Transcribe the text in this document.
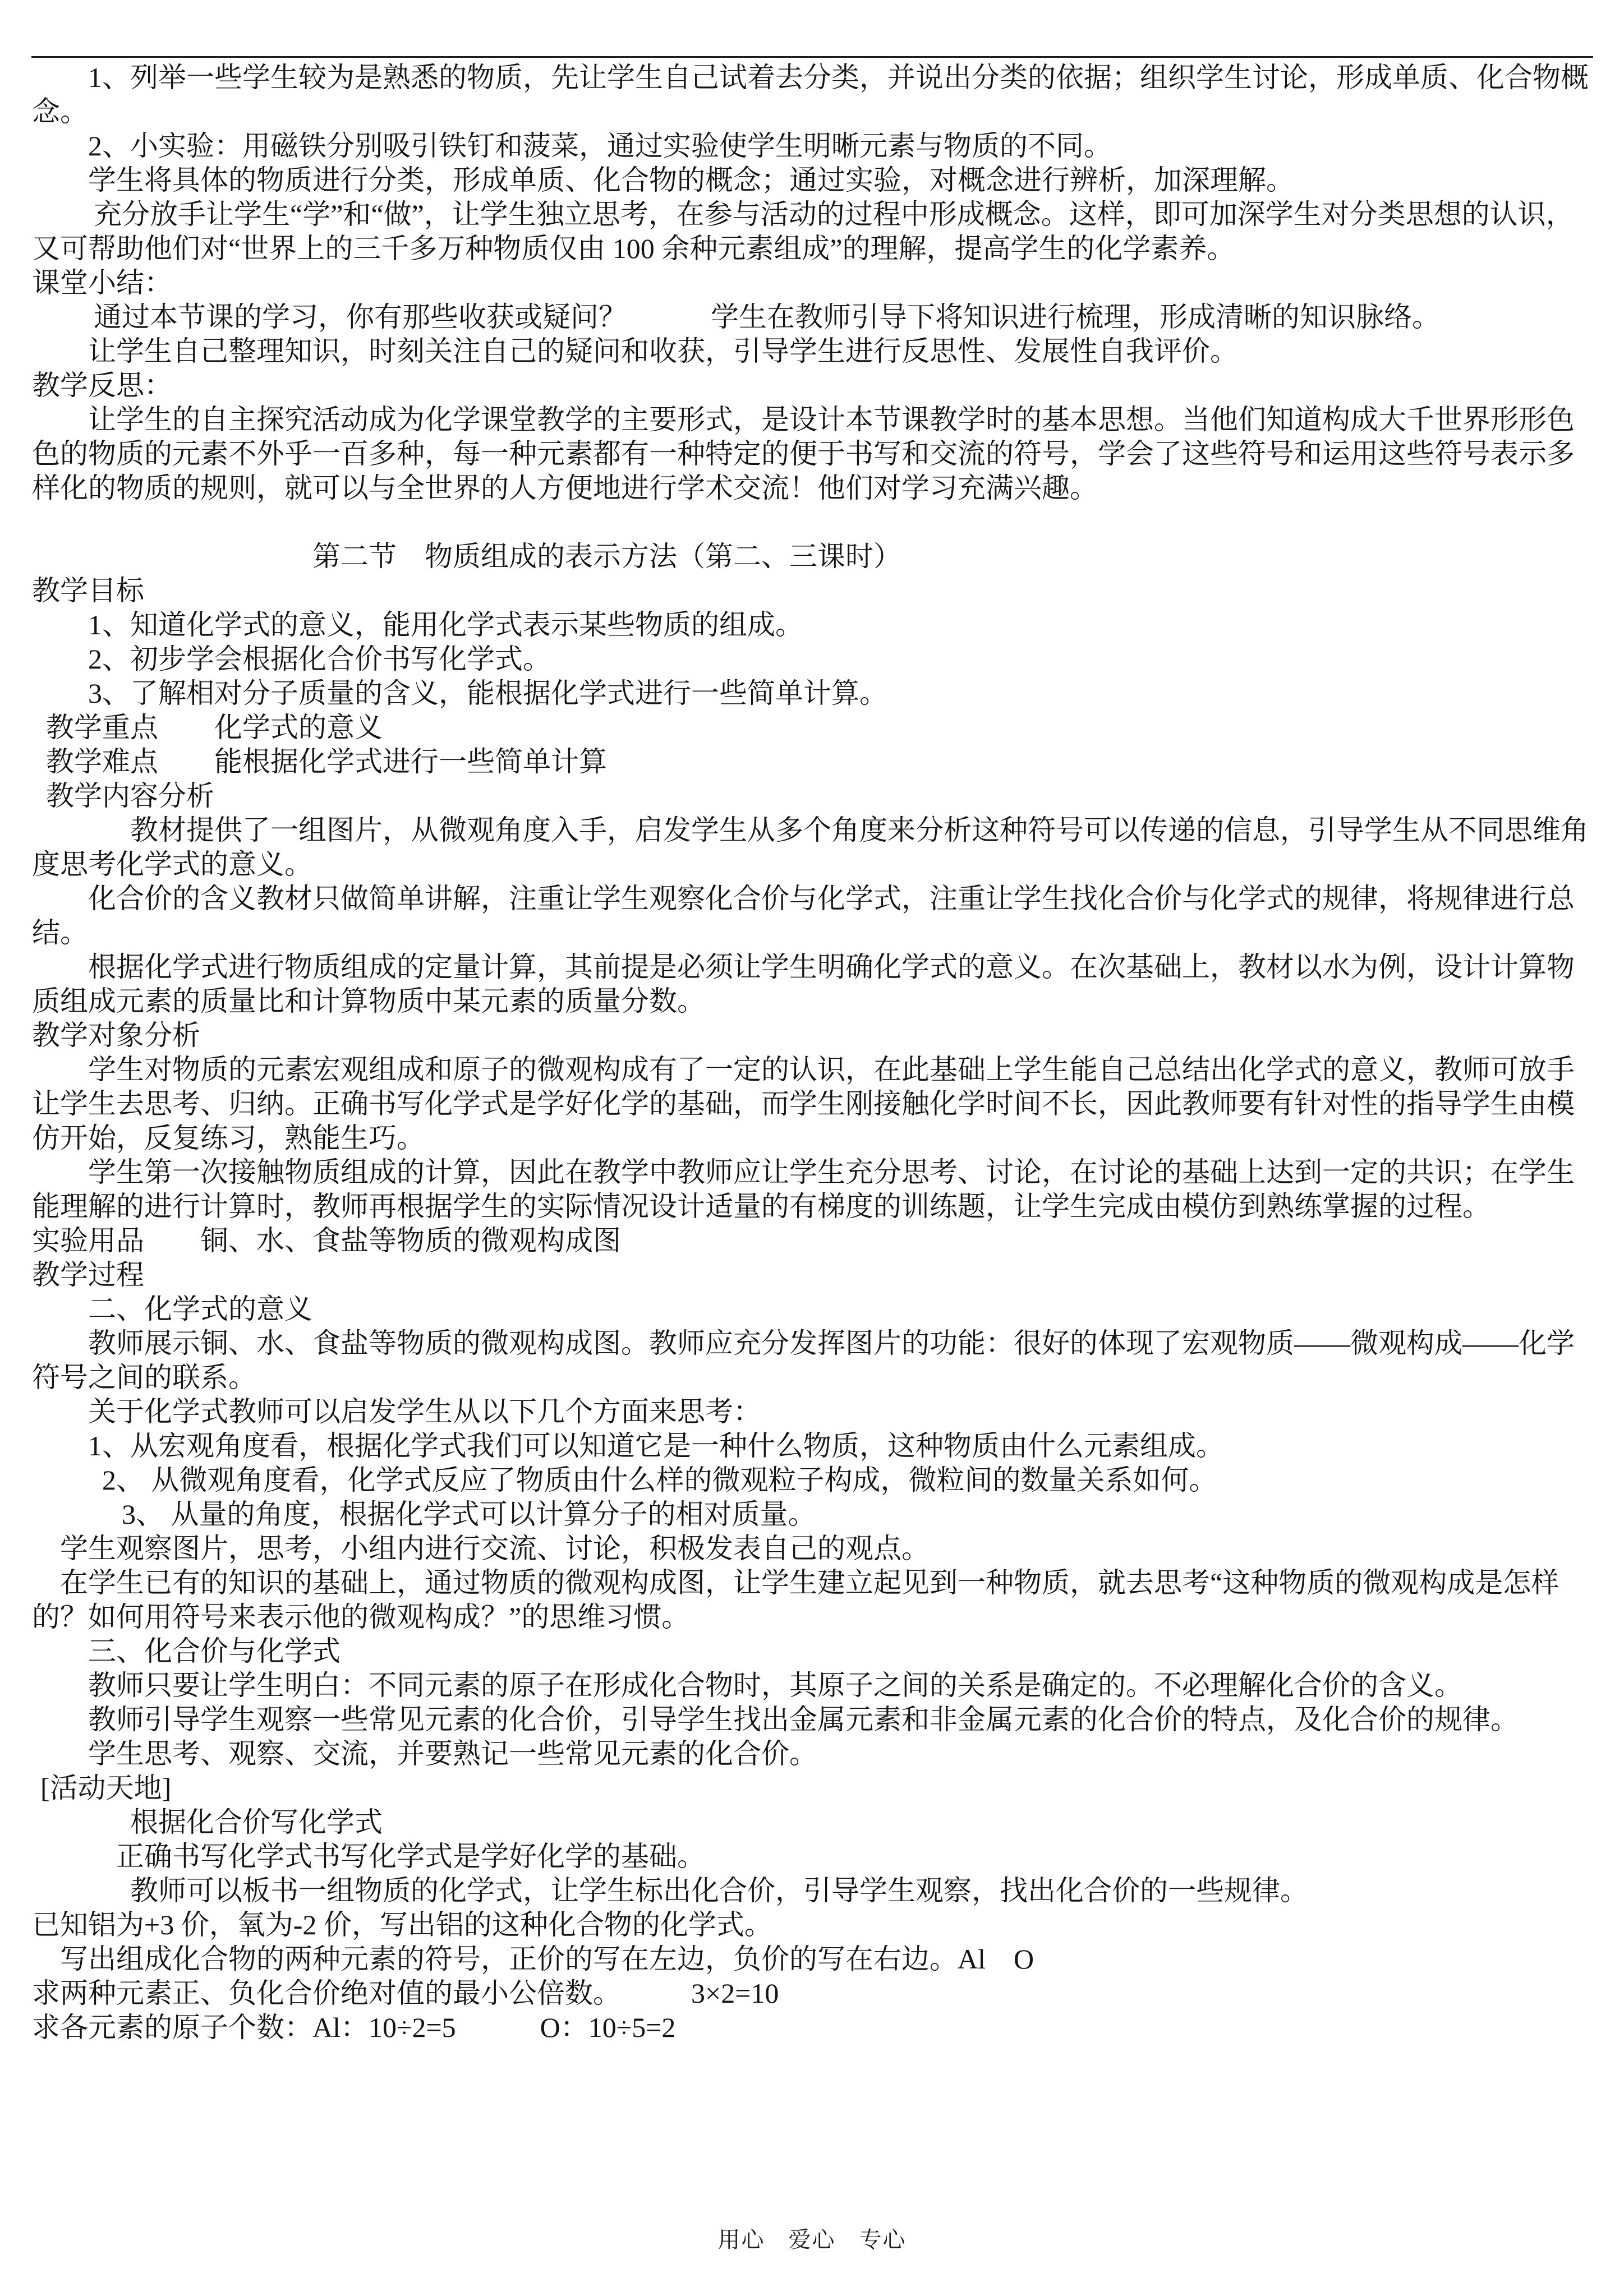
1、列举一些学生较为是熟悉的物质，先让学生自己试着去分类，并说出分类的依据；组织学生讨论，形成单质、化合物概念。
2、小实验：用磁铁分别吸引铁钉和菠菜，通过实验使学生明晰元素与物质的不同。
学生将具体的物质进行分类，形成单质、化合物的概念；通过实验，对概念进行辨析，加深理解。
充分放手让学生“学”和“做”，让学生独立思考，在参与活动的过程中形成概念。这样，即可加深学生对分类思想的认识，又可帮助他们对“世界上的三千多万种物质仅由 100 余种元素组成”的理解，提高学生的化学素养。
课堂小结：
通过本节课的学习，你有那些收获或疑问？　　　学生在教师引导下将知识进行梳理，形成清晰的知识脉络。
让学生自己整理知识，时刻关注自己的疑问和收获，引导学生进行反思性、发展性自我评价。
教学反思：
让学生的自主探究活动成为化学课堂教学的主要形式，是设计本节课教学时的基本思想。当他们知道构成大千世界形形色色的物质的元素不外乎一百多种，每一种元素都有一种特定的便于书写和交流的符号，学会了这些符号和运用这些符号表示多样化的物质的规则，就可以与全世界的人方便地进行学术交流！他们对学习充满兴趣。
第二节　物质组成的表示方法（第二、三课时）
教学目标
1、知道化学式的意义，能用化学式表示某些物质的组成。
2、初步学会根据化合价书写化学式。
3、了解相对分子质量的含义，能根据化学式进行一些简单计算。
教学重点　　化学式的意义
教学难点　　能根据化学式进行一些简单计算
教学内容分析
教材提供了一组图片，从微观角度入手，启发学生从多个角度来分析这种符号可以传递的信息，引导学生从不同思维角度思考化学式的意义。
化合价的含义教材只做简单讲解，注重让学生观察化合价与化学式，注重让学生找化合价与化学式的规律，将规律进行总结。
根据化学式进行物质组成的定量计算，其前提是必须让学生明确化学式的意义。在次基础上，教材以水为例，设计计算物质组成元素的质量比和计算物质中某元素的质量分数。
教学对象分析
学生对物质的元素宏观组成和原子的微观构成有了一定的认识，在此基础上学生能自己总结出化学式的意义，教师可放手让学生去思考、归纳。正确书写化学式是学好化学的基础，而学生刚接触化学时间不长，因此教师要有针对性的指导学生由模仿开始，反复练习，熟能生巧。
学生第一次接触物质组成的计算，因此在教学中教师应让学生充分思考、讨论，在讨论的基础上达到一定的共识；在学生能理解的进行计算时，教师再根据学生的实际情况设计适量的有梯度的训练题，让学生完成由模仿到熟练掌握的过程。
实验用品　　铜、水、食盐等物质的微观构成图
教学过程
二、化学式的意义
教师展示铜、水、食盐等物质的微观构成图。教师应充分发挥图片的功能：很好的体现了宏观物质——微观构成——化学符号之间的联系。
关于化学式教师可以启发学生从以下几个方面来思考：
1、从宏观角度看，根据化学式我们可以知道它是一种什么物质，这种物质由什么元素组成。
2、 从微观角度看，化学式反应了物质由什么样的微观粒子构成，微粒间的数量关系如何。
3、 从量的角度，根据化学式可以计算分子的相对质量。
学生观察图片，思考，小组内进行交流、讨论，积极发表自己的观点。
在学生已有的知识的基础上，通过物质的微观构成图，让学生建立起见到一种物质，就去思考“这种物质的微观构成是怎样的？如何用符号来表示他的微观构成？”的思维习惯。
三、化合价与化学式
教师只要让学生明白：不同元素的原子在形成化合物时，其原子之间的关系是确定的。不必理解化合价的含义。
教师引导学生观察一些常见元素的化合价，引导学生找出金属元素和非金属元素的化合价的特点，及化合价的规律。
学生思考、观察、交流，并要熟记一些常见元素的化合价。
[活动天地]
根据化合价写化学式
正确书写化学式书写化学式是学好化学的基础。
教师可以板书一组物质的化学式，让学生标出化合价，引导学生观察，找出化合价的一些规律。
已知铝为+3 价，氧为-2 价，写出铝的这种化合物的化学式。
写出组成化合物的两种元素的符号，正价的写在左边，负价的写在右边。Al　O
求两种元素正、负化合价绝对值的最小公倍数。　　　3×2=10
求各元素的原子个数：Al：10÷2=5　　　O：10÷5=2
用心　爱心　专心
